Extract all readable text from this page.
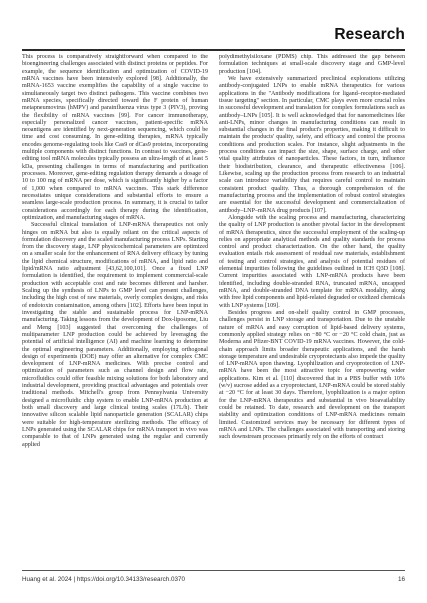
Research

This process is comparatively straightforward when compared to the bioengineering challenges associated with distinct proteins or peptides. For example, the sequence identification and optimization of COVID-19 mRNA vaccines have been intensively explored [98]. Additionally, the mRNA-1653 vaccine exemplifies the capability of a single vaccine to simultaneously target two distinct pathogens. This vaccine combines two mRNA species, specifically directed toward the F protein of human metapneumovirus (hMPV) and parainfluenza virus type 3 (PIV3), proving the flexibility of mRNA vaccines [99]. For cancer immunotherapy, especially personalized cancer vaccines, patient-specific mRNA neoantigens are identified by next-generation sequencing, which could be time and cost consuming. In gene-editing therapies, mRNA typically encodes genome-regulating tools like Cas9 or dCas9 proteins, incorporating multiple components with distinct functions. In contrast to vaccines, gene-editing tool mRNA molecules typically possess an ultra-length of at least 5 kDa, presenting challenges in terms of manufacturing and purification processes. Moreover, gene-editing regulation therapy demands a dosage of 10 to 100 mg of mRNA per dose, which is significantly higher by a factor of 1,000 when compared to mRNA vaccines. This stark difference necessitates unique considerations and substantial efforts to ensure a seamless large-scale production process. In summary, it is crucial to tailor considerations accordingly for each therapy during the identification, optimization, and manufacturing stages of mRNA.

Successful clinical translation of LNP-mRNA therapeutics not only hinges on mRNA but also is equally reliant on the critical aspects of formulation discovery and the scaled manufacturing process LNPs. Starting from the discovery stage, LNP physicochemical parameters are optimized on a smaller scale for the enhancement of RNA delivery efficacy by tuning the lipid chemical structure, modifications of mRNA, and lipid ratio and lipid/mRNA ratio adjustment [43,62,100,101]. Once a fixed LNP formulation is identified, the requirement to implement commercial-scale production with acceptable cost and rate becomes different and harsher. Scaling up the synthesis of LNPs to GMP level can present challenges, including the high cost of raw materials, overly complex designs, and risks of endotoxin contamination, among others [102]. Efforts have been input in investigating the stable and sustainable process for LNP-mRNA manufacturing. Taking lessons from the development of Dox-liposome, Liu and Meng [103] suggested that overcoming the challenges of multiparameter LNP production could be achieved by leveraging the potential of artificial intelligence (AI) and machine learning to determine the optimal engineering parameters. Additionally, employing orthogonal design of experiments (DOE) may offer an alternative for complex CMC development of LNP-mRNA medicines. With precise control and optimization of parameters such as channel design and flow rate, microfluidics could offer feasible mixing solutions for both laboratory and industrial development, providing practical advantages and potentials over traditional methods. Mitchell's group from Pennsylvania University designed a microfluidic chip system to enable LNP-mRNA production at both small discovery and large clinical testing scales (17L/h). Their innovative silicon scalable lipid nanoparticle generation (SCALAR) chips were suitable for high-temperature sterilizing methods. The efficacy of LNPs generated using the SCALAR chips for mRNA transport in vivo was comparable to that of LNPs generated using the regular and currently applied

polydimethylsiloxane (PDMS) chip. This addressed the gap between formulation techniques at small-scale discovery stage and GMP-level production [104].

We have extensively summarized preclinical explorations utilizing antibody-conjugated LNPs to enable mRNA therapeutics for various applications in the "Antibody modifications for ligand–receptor-mediated tissue targeting" section. In particular, CMC plays even more crucial roles in successful development and translation for complex formulations such as antibody–LNPs [105]. It is well acknowledged that for nanomedicines like anti-LNPs, minor changes in manufacturing conditions can result in substantial changes in the final product's properties, making it difficult to maintain the products' quality, safety, and efficacy and control the process conditions and production scales. For instance, slight adjustments in the process conditions can impact the size, shape, surface charge, and other vital quality attributes of nanoparticles. These factors, in turn, influence their biodistribution, clearance, and therapeutic effectiveness [106]. Likewise, scaling up the production process from research to an industrial scale can introduce variability that requires careful control to maintain consistent product quality. Thus, a thorough comprehension of the manufacturing process and the implementation of robust control strategies are essential for the successful development and commercialization of antibody–LNP–mRNA drug products [107].

Alongside with the scaling process and manufacturing, characterizing the quality of LNP production is another pivotal factor in the development of mRNA therapeutics, since the successful employment of the scaling-up relies on appropriate analytical methods and quality standards for process control and product characterization. On the other hand, the quality evaluation entails risk assessment of residual raw materials, establishment of testing and control strategies, and analysis of potential residues of elemental impurities following the guidelines outlined in ICH Q3D [108]. Current impurities associated with LNP-mRNA products have been identified, including double-stranded RNA, truncated mRNA, uncapped mRNA, and double-stranded DNA template for mRNA modality, along with free lipid components and lipid-related degraded or oxidized chemicals with LNP systems [109].

Besides progress and on-shelf quality control in GMP processes, challenges persist in LNP storage and transportation. Due to the unstable nature of mRNA and easy corruption of lipid-based delivery systems, commonly applied strategy relies on −80 °C or −20 °C cold chain, just as Moderna and Pfizer-BNT COVID-19 mRNA vaccines. However, the cold-chain approach limits broader therapeutic applications, and the harsh storage temperature and undesirable cryoprotectants also impede the quality of LNP-mRNA upon thawing. Lyophilization and cryoprotection of LNP-mRNA have been the most attractive topic for empowering wider applications. Kim et al. [110] discovered that in a PBS buffer with 10% (w/v) sucrose added as a cryoprotectant, LNP-mRNA could be stored stably at −20 °C for at least 30 days. Therefore, lyophilization is a major option for the LNP-mRNA therapeutics and substantial in vivo bioavailability could be retained. To date, research and development on the transport stability and optimization conditions of LNP-mRNA medicines remain limited. Customized services may be necessary for different types of mRNA and LNPs. The challenges associated with transporting and storing such downstream processes primarily rely on the efforts of contract

Huang et al. 2024 | https://doi.org/10.34133/research.0370	16
